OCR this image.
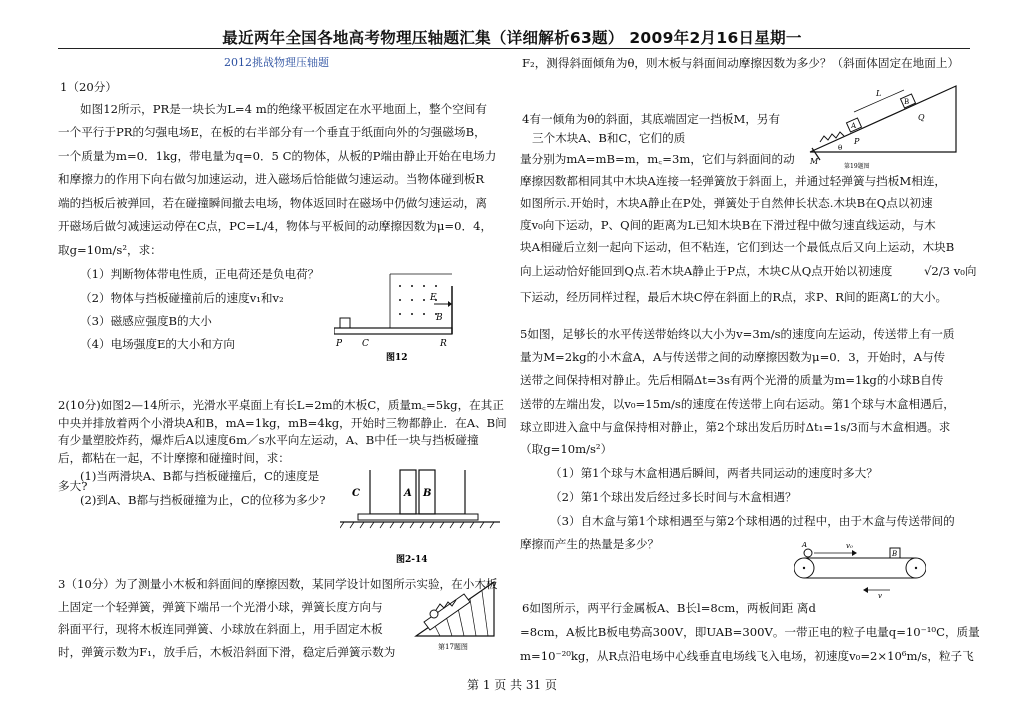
最近两年全国各地高考物理压轴题汇集（详细解析63题） 2009年2月16日星期一
2012挑战物理压轴题
1（20分）
如图12所示，PR是一块长为L=4 m的绝缘平板固定在水平地面上，整个空间有
一个平行于PR的匀强电场E，在板的右半部分有一个垂直于纸面向外的匀强磁场B，
一个质量为m=0．1kg，带电量为q=0．5 C的物体，从板的P端由静止开始在电场力
和摩擦力的作用下向右做匀加速运动，进入磁场后恰能做匀速运动。当物体碰到板R
端的挡板后被弹回，若在碰撞瞬间撤去电场，物体返回时在磁场中仍做匀速运动，离
开磁场后做匀减速运动停在C点，PC=L/4，物体与平板间的动摩擦因数为μ=0．4，
取g=10m/s²，求：
（1）判断物体带电性质，正电荷还是负电荷？
（2）物体与挡板碰撞前后的速度v₁和v₂
（3）磁感应强度B的大小
（4）电场强度E的大小和方向
2(10分)如图2—14所示，光滑水平桌面上有长L=2m的木板C，质量m꜀=5kg，在其正
中央并排放着两个小滑块A和B，mA=1kg，mB=4kg，开始时三物都静止．在A、B间
有少量塑胶炸药，爆炸后A以速度6m／s水平向左运动，A、B中任一块与挡板碰撞
后，都粘在一起，不计摩擦和碰撞时间，求：
(1)当两滑块A、B都与挡板碰撞后，C的速度是
多大?
(2)到A、B都与挡板碰撞为止，C的位移为多少?
3（10分）为了测量小木板和斜面间的摩擦因数，某同学设计如图所示实验，在小木板
上固定一个轻弹簧，弹簧下端吊一个光滑小球，弹簧长度方向与
斜面平行，现将木板连同弹簧、小球放在斜面上，用手固定木板
时，弹簧示数为F₁，放手后，木板沿斜面下滑，稳定后弹簧示数为
P C	R
E
B
图12
C	A B
图2-14
第17题图
F₂，测得斜面倾角为θ，则木板与斜面间动摩擦因数为多少？（斜面体固定在地面上）
4有一倾角为θ的斜面，其底端固定一挡板M，另有
三个木块A、B和C，它们的质
量分别为mA=mB=m，m꜀=3m，它们与斜面间的动
摩擦因数都相同其中木块A连接一轻弹簧放于斜面上，并通过轻弹簧与挡板M相连，
如图所示.开始时，木块A静止在P处，弹簧处于自然伸长状态.木块B在Q点以初速
度v₀向下运动，P、Q间的距离为L已知木块B在下滑过程中做匀速直线运动，与木
块A相碰后立刻一起向下运动，但不粘连，它们到达一个最低点后又向上运动，木块B
向上运动恰好能回到Q点.若木块A静止于P点，木块C从Q点开始以初速度	√2/3 v₀向
下运动，经历同样过程，最后木块C停在斜面上的R点，求P、R间的距离L′的大小。
5如图，足够长的水平传送带始终以大小为v=3m/s的速度向左运动，传送带上有一质
量为M=2kg的小木盒A，A与传送带之间的动摩擦因数为μ=0．3，开始时，A与传
送带之间保持相对静止。先后相隔Δt=3s有两个光滑的质量为m=1kg的小球B自传
送带的左端出发，以v₀=15m/s的速度在传送带上向右运动。第1个球与木盒相遇后，
球立即进入盒中与盒保持相对静止，第2个球出发后历时Δt₁=1s/3而与木盒相遇。求
（取g=10m/s²）
（1）第1个球与木盒相遇后瞬间，两者共同运动的速度时多大？
（2）第1个球出发后经过多长时间与木盒相遇？
（3）自木盒与第1个球相遇至与第2个球相遇的过程中，由于木盒与传送带间的
摩擦而产生的热量是多少？
6如图所示，两平行金属板A、B长l=8cm，两板间距 离d
=8cm，A板比B板电势高300V，即UAB=300V。一带正电的粒子电量q=10⁻¹⁰C，质量
m=10⁻²⁰kg，从R点沿电场中心线垂直电场线飞入电场，初速度v₀=2×10⁶m/s，粒子飞
L
B
A
Q
P
M
θ
第19题图
A	v₀
B
v
第 1 页 共 31 页
